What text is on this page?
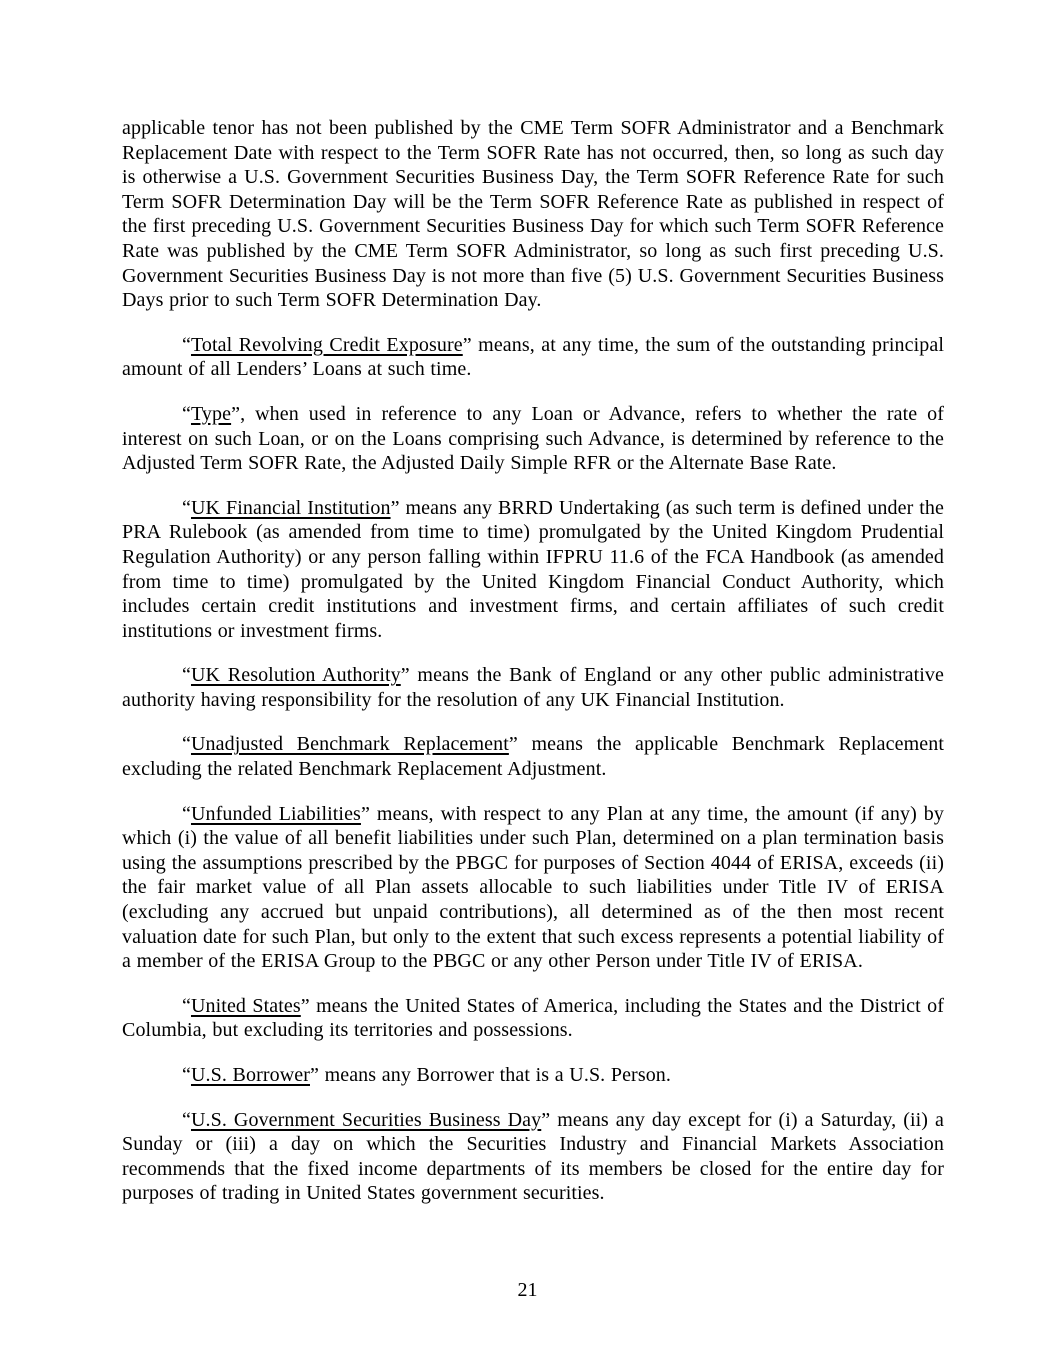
applicable tenor has not been published by the CME Term SOFR Administrator and a Benchmark Replacement Date with respect to the Term SOFR Rate has not occurred, then, so long as such day is otherwise a U.S. Government Securities Business Day, the Term SOFR Reference Rate for such Term SOFR Determination Day will be the Term SOFR Reference Rate as published in respect of the first preceding U.S. Government Securities Business Day for which such Term SOFR Reference Rate was published by the CME Term SOFR Administrator, so long as such first preceding U.S. Government Securities Business Day is not more than five (5) U.S. Government Securities Business Days prior to such Term SOFR Determination Day.

“Total Revolving Credit Exposure” means, at any time, the sum of the outstanding principal amount of all Lenders’ Loans at such time.

“Type”, when used in reference to any Loan or Advance, refers to whether the rate of interest on such Loan, or on the Loans comprising such Advance, is determined by reference to the Adjusted Term SOFR Rate, the Adjusted Daily Simple RFR or the Alternate Base Rate.

“UK Financial Institution” means any BRRD Undertaking (as such term is defined under the PRA Rulebook (as amended from time to time) promulgated by the United Kingdom Prudential Regulation Authority) or any person falling within IFPRU 11.6 of the FCA Handbook (as amended from time to time) promulgated by the United Kingdom Financial Conduct Authority, which includes certain credit institutions and investment firms, and certain affiliates of such credit institutions or investment firms.

“UK Resolution Authority” means the Bank of England or any other public administrative authority having responsibility for the resolution of any UK Financial Institution.

“Unadjusted Benchmark Replacement” means the applicable Benchmark Replacement excluding the related Benchmark Replacement Adjustment.

“Unfunded Liabilities” means, with respect to any Plan at any time, the amount (if any) by which (i) the value of all benefit liabilities under such Plan, determined on a plan termination basis using the assumptions prescribed by the PBGC for purposes of Section 4044 of ERISA, exceeds (ii) the fair market value of all Plan assets allocable to such liabilities under Title IV of ERISA (excluding any accrued but unpaid contributions), all determined as of the then most recent valuation date for such Plan, but only to the extent that such excess represents a potential liability of a member of the ERISA Group to the PBGC or any other Person under Title IV of ERISA.

“United States” means the United States of America, including the States and the District of Columbia, but excluding its territories and possessions.

“U.S. Borrower” means any Borrower that is a U.S. Person.

“U.S. Government Securities Business Day” means any day except for (i) a Saturday, (ii) a Sunday or (iii) a day on which the Securities Industry and Financial Markets Association recommends that the fixed income departments of its members be closed for the entire day for purposes of trading in United States government securities.

21
